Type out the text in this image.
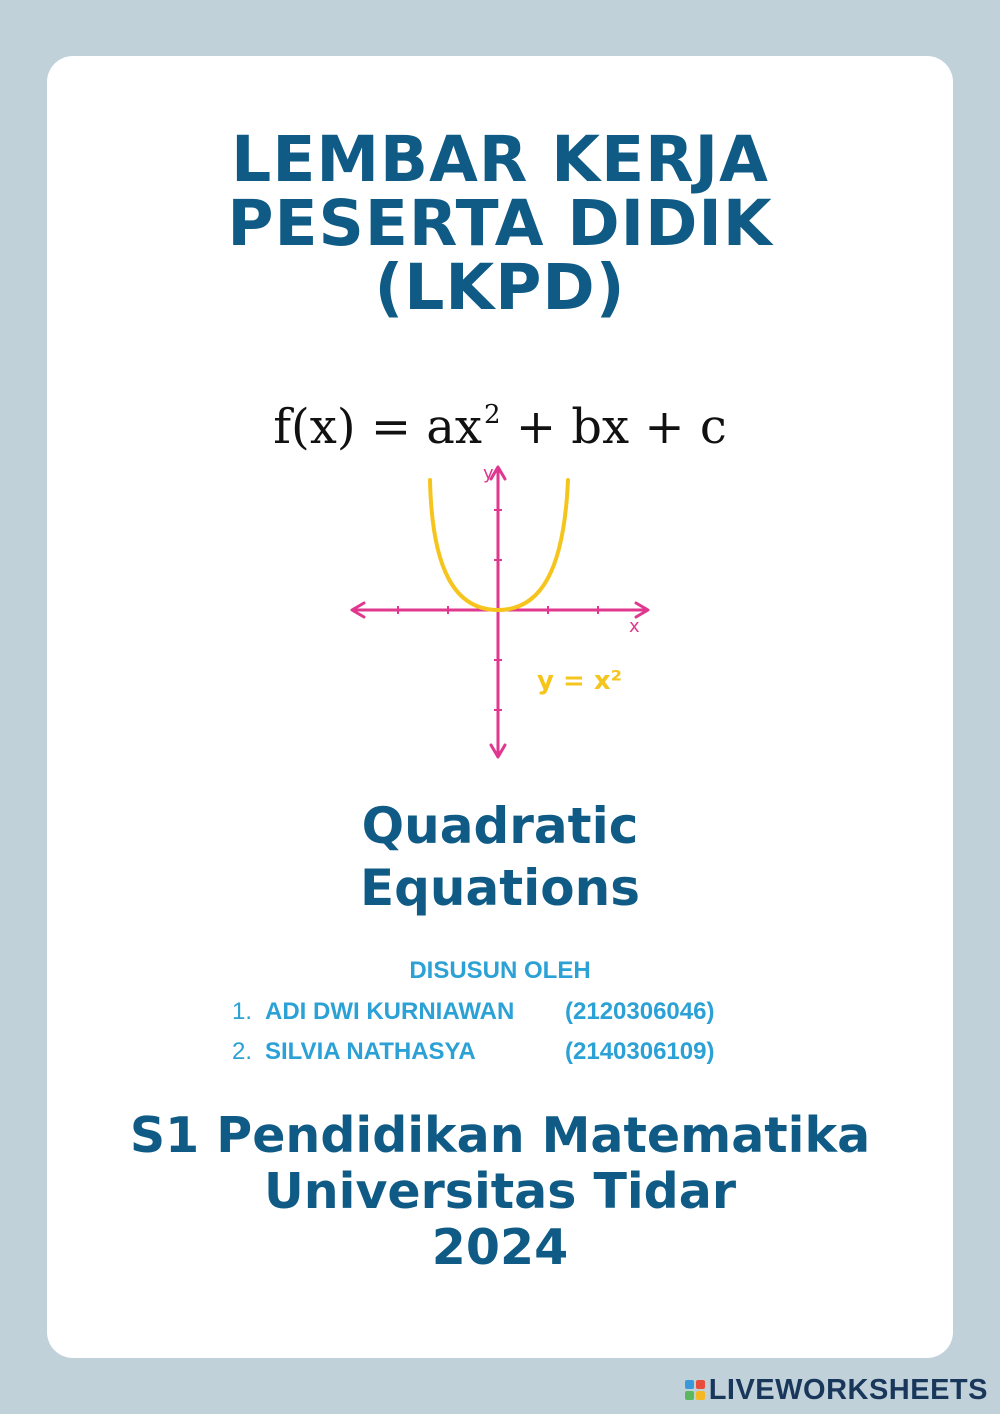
LEMBAR KERJA
PESERTA DIDIK
(LKPD)
$f(x) = ax^2$ + bx + c
y
x
y = x²
Quadratic
Equations
DISUSUN OLEH
1. ADI DWI KURNIAWAN (2120306046)
2. SILVIA NATHASYA	(2140306109)
S1 Pendidikan Matematika
Universitas Tidar
2024
LIVEWORKSHEETS
